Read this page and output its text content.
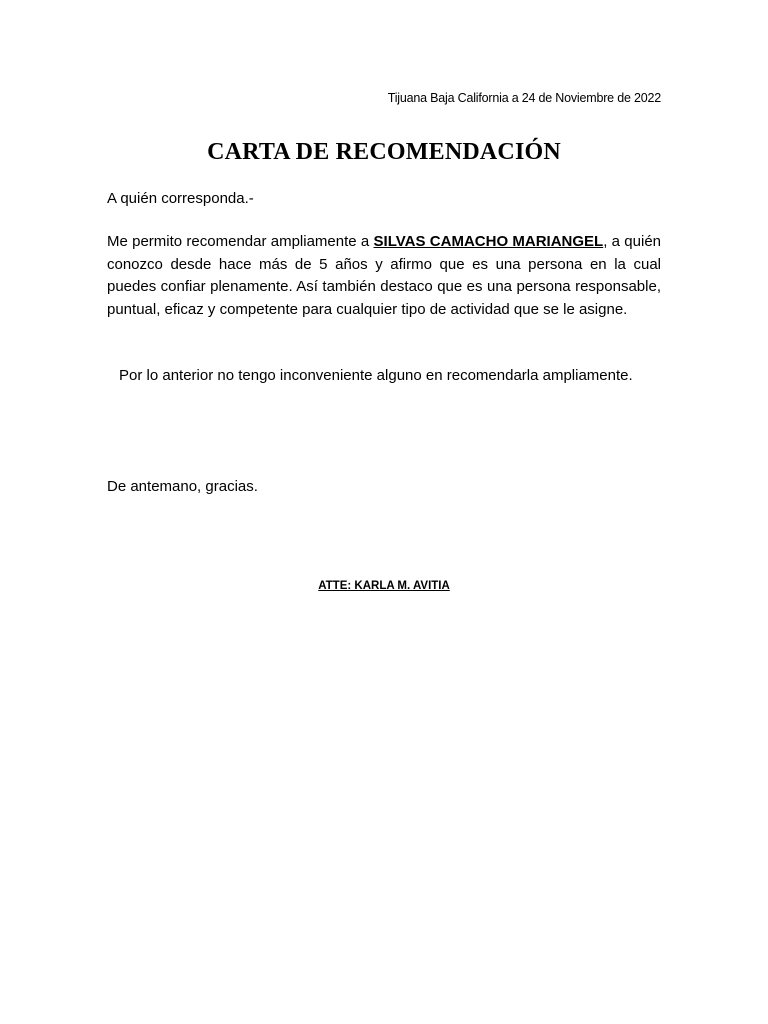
Tijuana Baja California a 24 de Noviembre de 2022
CARTA DE RECOMENDACIÓN
A quién corresponda.-
Me permito recomendar ampliamente a SILVAS CAMACHO MARIANGEL, a quién conozco desde hace más de 5 años y afirmo que es una persona en la cual puedes confiar plenamente. Así también destaco que es una persona responsable, puntual, eficaz y competente para cualquier tipo de actividad que se le asigne.
Por lo anterior no tengo inconveniente alguno en recomendarla ampliamente.
De antemano, gracias.
ATTE: KARLA M. AVITIA
